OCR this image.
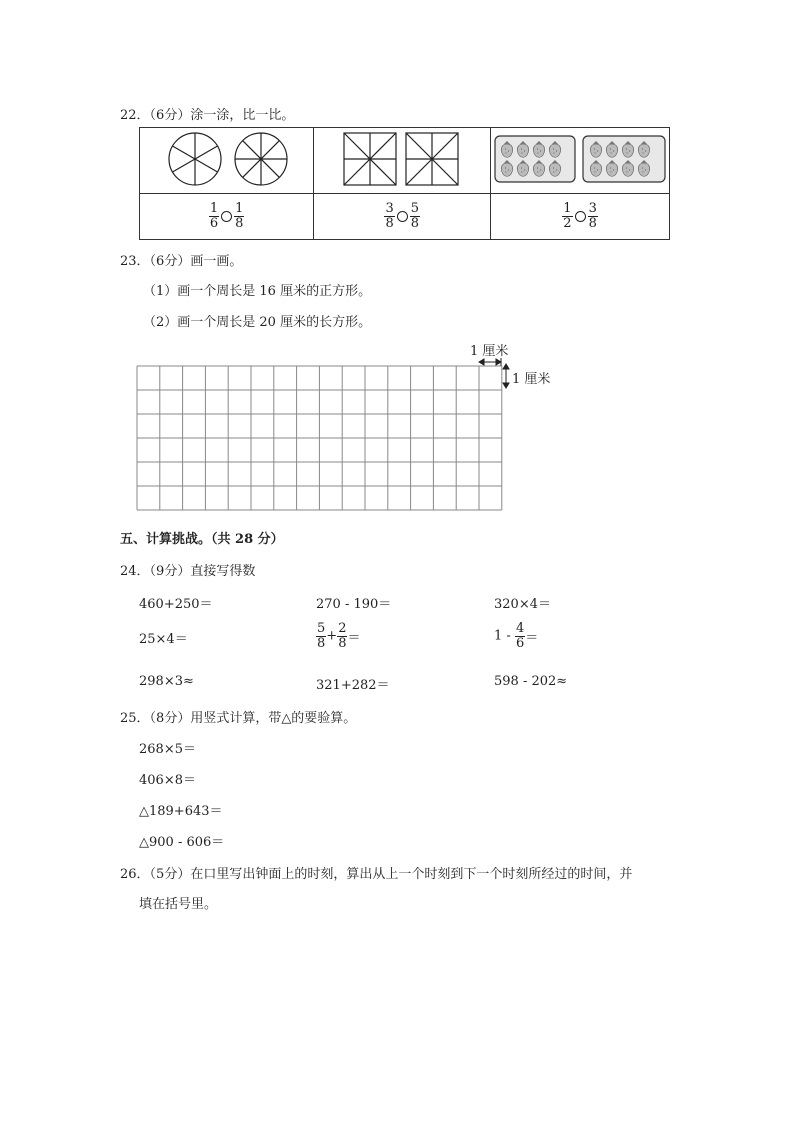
22．（6分）涂一涂，比一比。

$\frac{1}{6} \frac{1}{8}$	$\frac{3}{8} \frac{5}{8}$	$\frac{1}{2} \frac{3}{8}$
23．（6分）画一画。
（1）画一个周长是 16 厘米的正方形。
（2）画一个周长是 20 厘米的长方形。
1 厘米
1 厘米
五、计算挑战。（共 28 分）
24．（9分）直接写得数
460+250＝	270 - 190＝	320×4＝
25×4＝	$\frac{5}{8} + \frac{2}{8}$ ＝	$1 - \frac{4}{6}$ ＝
298×3≈	321+282＝	598 - 202≈
25．（8分）用竖式计算，带△的要验算。
268×5＝
406×8＝
△189+643＝
△900 - 606＝
26．（5分）在口里写出钟面上的时刻，算出从上一个时刻到下一个时刻所经过的时间，并
填在括号里。
